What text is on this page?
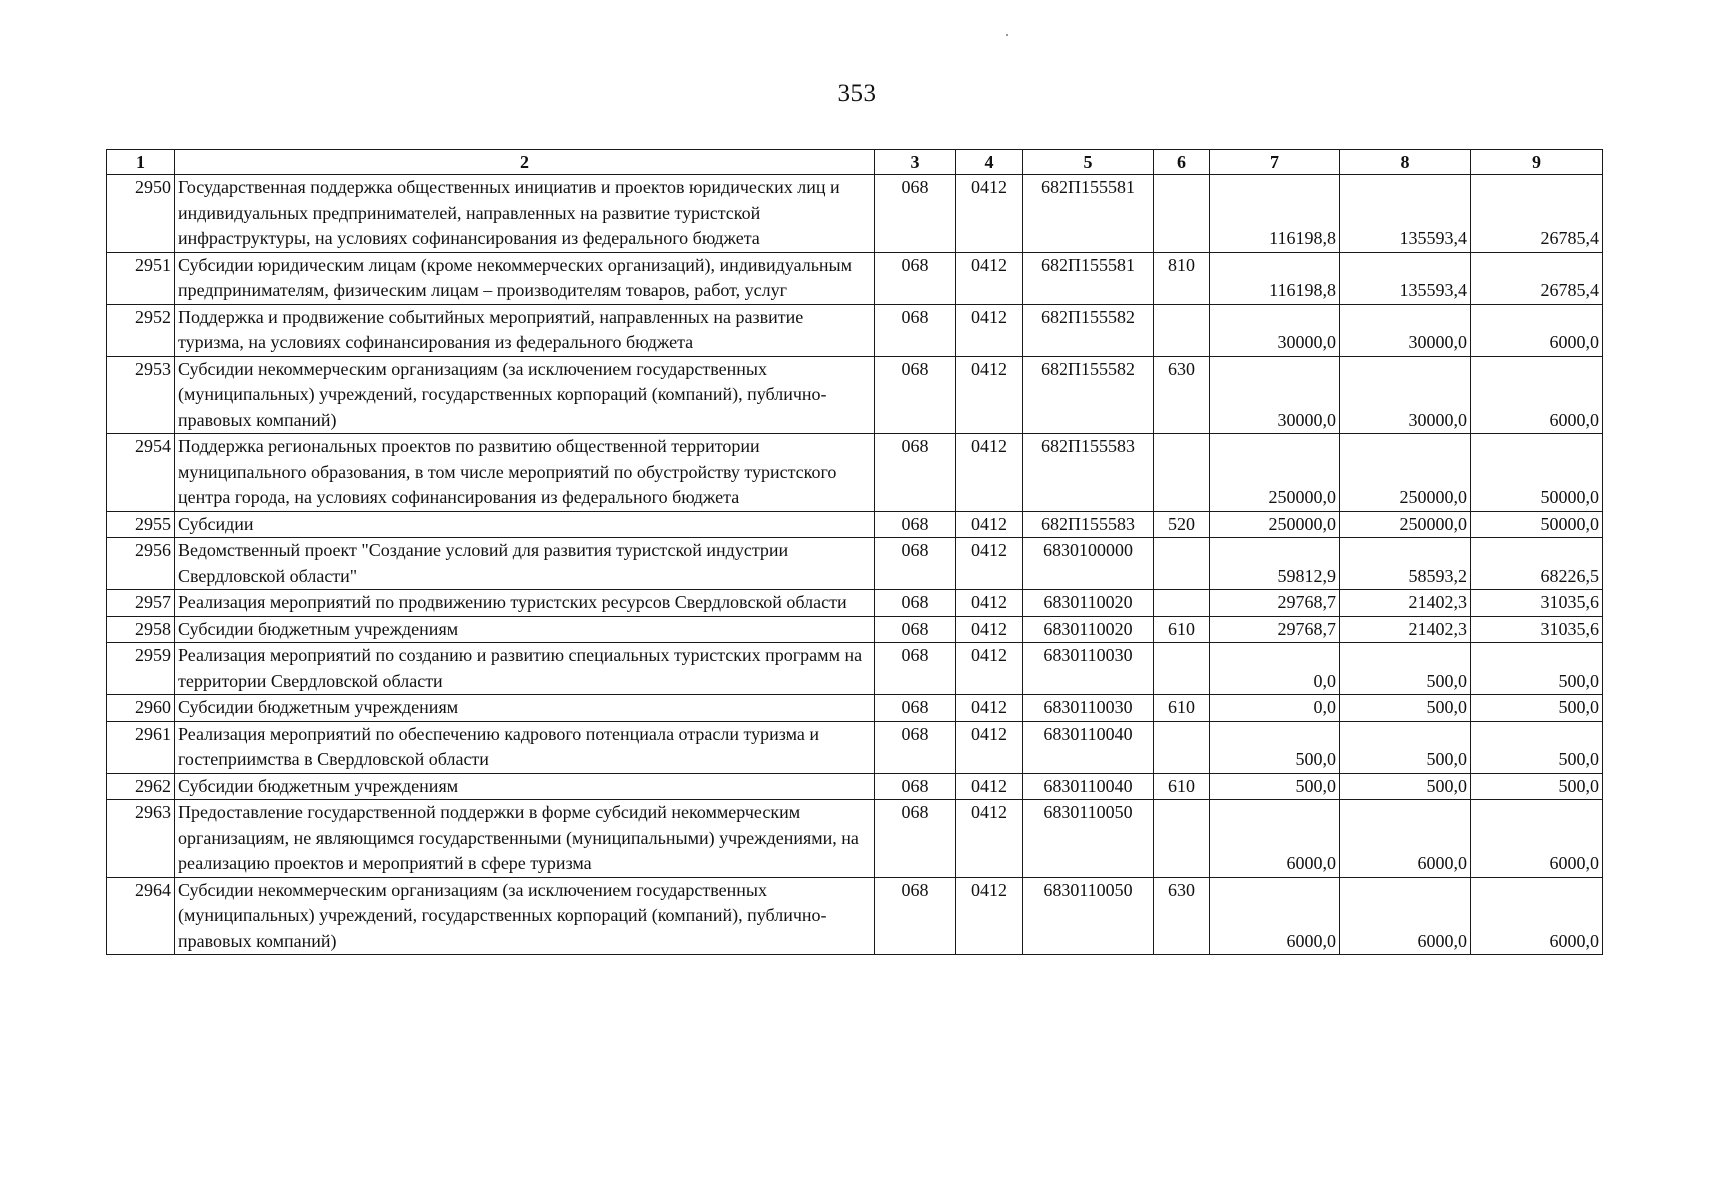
353
1	2	3	4	5	6	7	8	9
2950	Государственная поддержка общественных инициатив и проектов юридических лиц и индивидуальных предпринимателей, направленных на развитие туристской инфраструктуры, на условиях софинансирования из федерального бюджета	068	0412	682П155581		116198,8	135593,4	26785,4
2951	Субсидии юридическим лицам (кроме некоммерческих организаций), индивидуальным предпринимателям, физическим лицам – производителям товаров, работ, услуг	068	0412	682П155581	810	116198,8	135593,4	26785,4
2952	Поддержка и продвижение событийных мероприятий, направленных на развитие туризма, на условиях софинансирования из федерального бюджета	068	0412	682П155582		30000,0	30000,0	6000,0
2953	Субсидии некоммерческим организациям (за исключением государственных (муниципальных) учреждений, государственных корпораций (компаний), публично-правовых компаний)	068	0412	682П155582	630	30000,0	30000,0	6000,0
2954	Поддержка региональных проектов по развитию общественной территории муниципального образования, в том числе мероприятий по обустройству туристского центра города, на условиях софинансирования из федерального бюджета	068	0412	682П155583		250000,0	250000,0	50000,0
2955	Субсидии	068	0412	682П155583	520	250000,0	250000,0	50000,0
2956	Ведомственный проект "Создание условий для развития туристской индустрии Свердловской области"	068	0412	6830100000		59812,9	58593,2	68226,5
2957	Реализация мероприятий по продвижению туристских ресурсов Свердловской области	068	0412	6830110020		29768,7	21402,3	31035,6
2958	Субсидии бюджетным учреждениям	068	0412	6830110020	610	29768,7	21402,3	31035,6
2959	Реализация мероприятий по созданию и развитию специальных туристских программ на территории Свердловской области	068	0412	6830110030		0,0	500,0	500,0
2960	Субсидии бюджетным учреждениям	068	0412	6830110030	610	0,0	500,0	500,0
2961	Реализация мероприятий по обеспечению кадрового потенциала отрасли туризма и гостеприимства в Свердловской области	068	0412	6830110040		500,0	500,0	500,0
2962	Субсидии бюджетным учреждениям	068	0412	6830110040	610	500,0	500,0	500,0
2963	Предоставление государственной поддержки в форме субсидий некоммерческим организациям, не являющимся государственными (муниципальными) учреждениями, на реализацию проектов и мероприятий в сфере туризма	068	0412	6830110050		6000,0	6000,0	6000,0
2964	Субсидии некоммерческим организациям (за исключением государственных (муниципальных) учреждений, государственных корпораций (компаний), публично-правовых компаний)	068	0412	6830110050	630	6000,0	6000,0	6000,0
